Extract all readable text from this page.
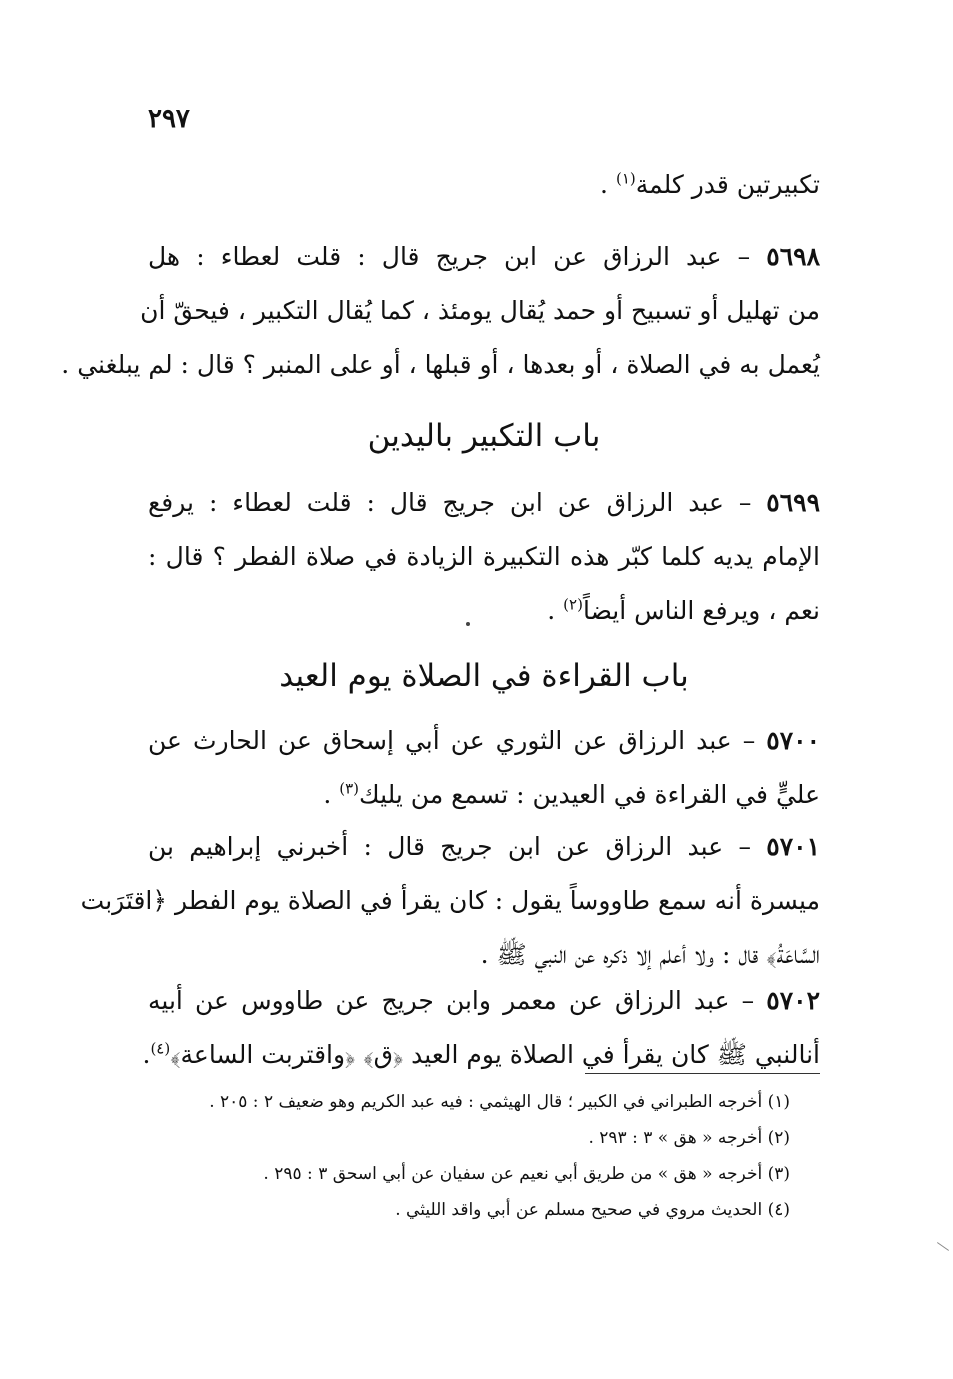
٢٩٧
تكبيرتين قدر كلمة$^{(١)}$ .
٥٦٩٨ – عبد الرزاق عن ابن جريج قال : قلت لعطاء : هل
من تهليل أو تسبيح أو حمد يُقال يومئذ ، كما يُقال التكبير ، فيحقّ أن
يُعمل به في الصلاة ، أو بعدها ، أو قبلها ، أو على المنبر ؟ قال : لم يبلغني .
باب التكبير باليدين
٥٦٩٩ – عبد الرزاق عن ابن جريج قال : قلت لعطاء : يرفع
الإمام يديه كلما كبّر هذه التكبيرة الزيادة في صلاة الفطر ؟ قال :
نعم ، ويرفع الناس أيضاً$^{(٢)}$ .
باب القراءة في الصلاة يوم العيد
٥٧٠٠ – عبد الرزاق عن الثوري عن أبي إسحاق عن الحارث عن
عليٍّ في القراءة في العيدين : تسمع من يليك$^{(٣)}$ .
٥٧٠١ – عبد الرزاق عن ابن جريج قال : أخبرني إبراهيم بن
ميسرة أنه سمع طاووساً يقول : كان يقرأ في الصلاة يوم الفطر ﴿اقتَرَبت
السَّاعَةُ﴾ قال : ولا أعلم إلا ذكره عن النبي ﷺ .
٥٧٠٢ – عبد الرزاق عن معمر وابن جريج عن طاووس عن أبيه
أنالنبي ﷺ كان يقرأ في الصلاة يوم العيد ﴿ق﴾ ﴿واقتربت الساعة﴾$^{(٤)}$.
(١) أخرجه الطبراني في الكبير ؛ قال الهيثمي : فيه عبد الكريم وهو ضعيف ٢ : ٢٠٥ .
(٢) أخرجه « هق » ٣ : ٢٩٣ .
(٣) أخرجه « هق » من طريق أبي نعيم عن سفيان عن أبي اسحق ٣ : ٢٩٥ .
(٤) الحديث مروي في صحيح مسلم عن أبي واقد الليثي .
